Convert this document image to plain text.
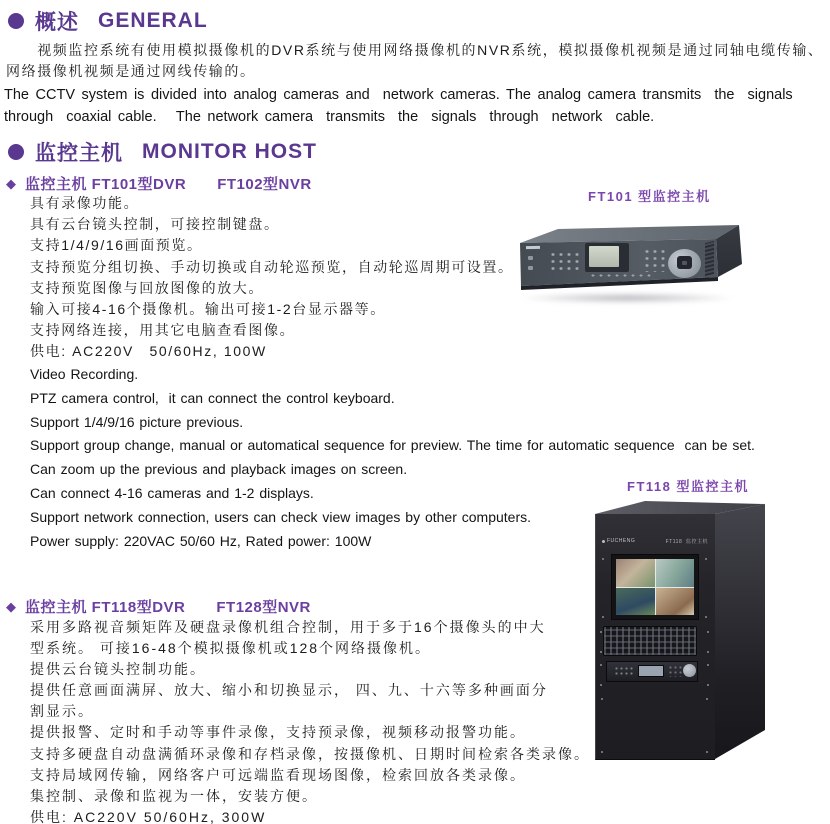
概述 GENERAL
　　视频监控系统有使用模拟摄像机的DVR系统与使用网络摄像机的NVR系统，模拟摄像机视频是通过同轴电缆传输、
网络摄像机视频是通过网线传输的。
The CCTV system is divided into analog cameras and  network cameras. The analog camera transmits  the  signals
through  coaxial cable.   The network camera  transmits  the  signals  through  network  cable.
监控主机 MONITOR HOST
◆ 监控主机 FT101型DVR　　FT102型NVR
具有录像功能。
具有云台镜头控制，可接控制键盘。
支持1/4/9/16画面预览。
支持预览分组切换、手动切换或自动轮巡预览，自动轮巡周期可设置。
支持预览图像与回放图像的放大。
输入可接4-16个摄像机。输出可接1-2台显示器等。
支持网络连接，用其它电脑查看图像。
供电: AC220V　50/60Hz, 100W
Video Recording.
PTZ camera control,  it can connect the control keyboard.
Support 1/4/9/16 picture previous.
Support group change, manual or automatical sequence for preview. The time for automatic sequence  can be set.
Can zoom up the previous and playback images on screen.
Can connect 4-16 cameras and 1-2 displays.
Support network connection, users can check view images by other computers.
Power supply: 220VAC 50/60 Hz, Rated power: 100W
FT101 型监控主机
FT118 型监控主机
FUCHENG	FT118  监控主机
◆ 监控主机 FT118型DVR　　FT128型NVR
采用多路视音频矩阵及硬盘录像机组合控制，用于多于16个摄像头的中大
型系统。 可接16-48个模拟摄像机或128个网络摄像机。
提供云台镜头控制功能。
提供任意画面满屏、放大、缩小和切换显示， 四、九、十六等多种画面分
割显示。
提供报警、定时和手动等事件录像，支持预录像，视频移动报警功能。
支持多硬盘自动盘满循环录像和存档录像，按摄像机、日期时间检索各类录像。
支持局域网传输，网络客户可远端监看现场图像，检索回放各类录像。
集控制、录像和监视为一体，安装方便。
供电: AC220V 50/60Hz, 300W
